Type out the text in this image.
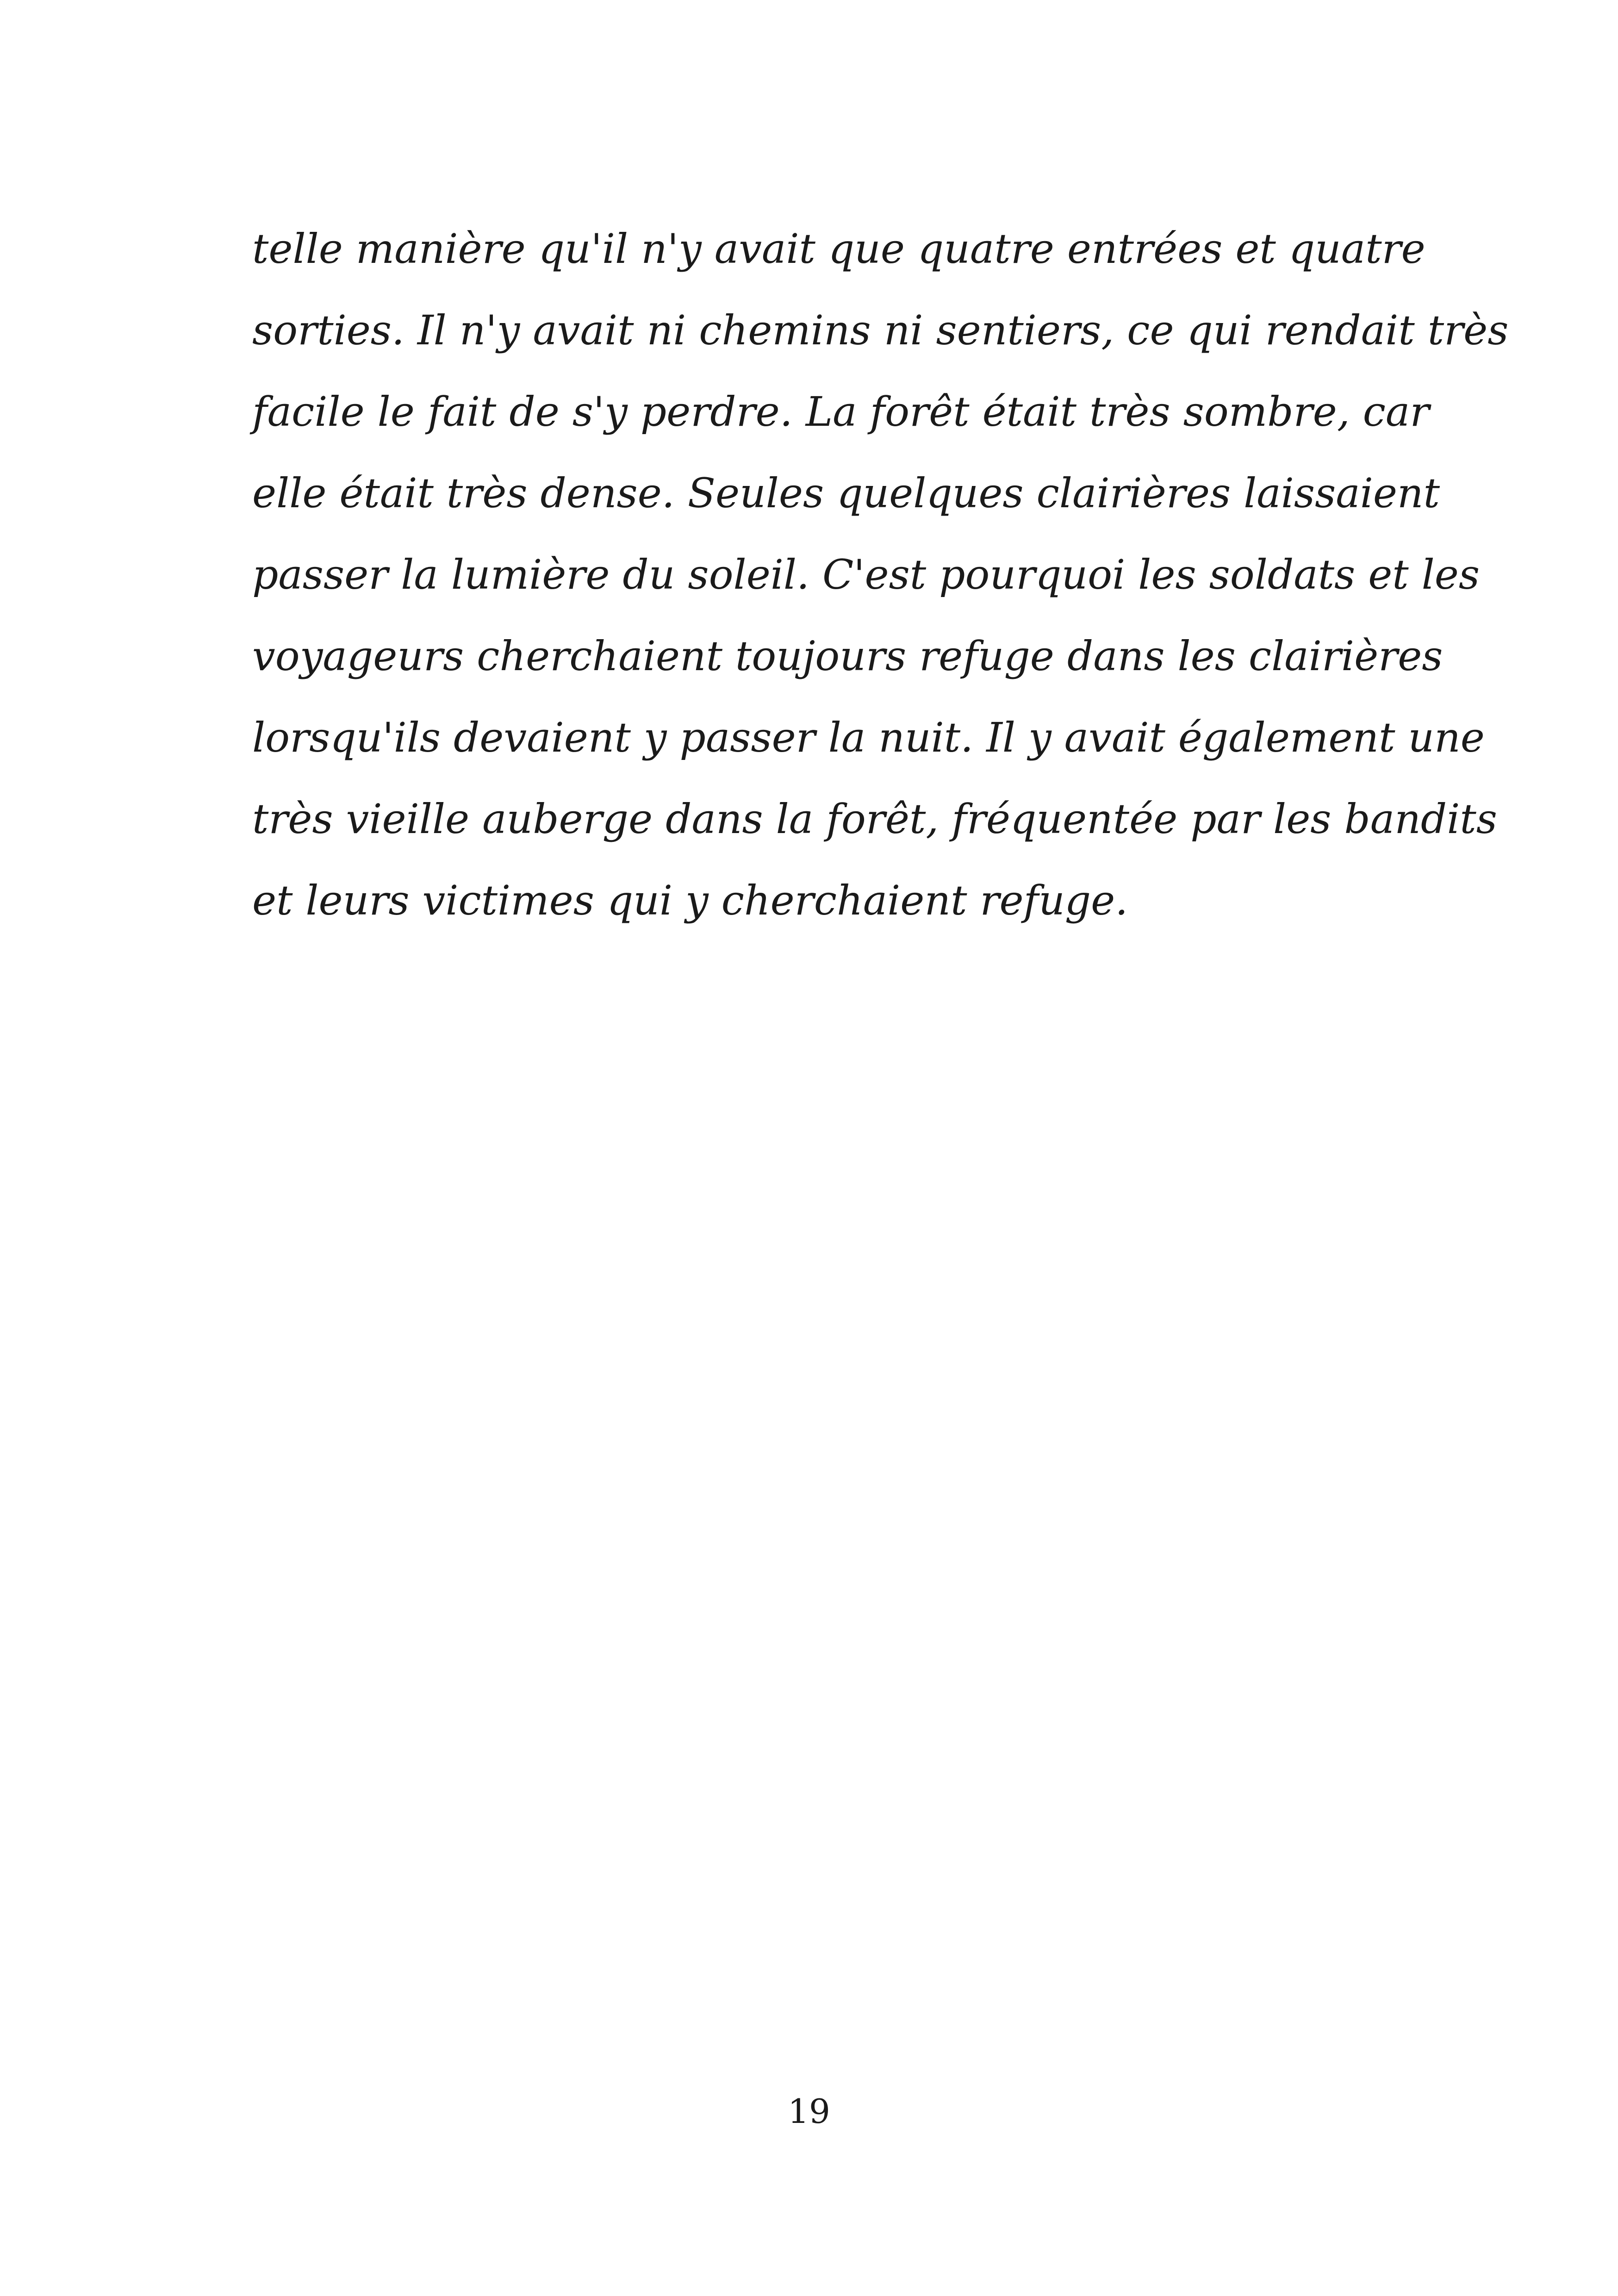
telle manière qu'il n'y avait que quatre entrées et quatre
sorties. Il n'y avait ni chemins ni sentiers, ce qui rendait très
facile le fait de s'y perdre. La forêt était très sombre, car
elle était très dense. Seules quelques clairières laissaient
passer la lumière du soleil. C'est pourquoi les soldats et les
voyageurs cherchaient toujours refuge dans les clairières
lorsqu'ils devaient y passer la nuit. Il y avait également une
très vieille auberge dans la forêt, fréquentée par les bandits
et leurs victimes qui y cherchaient refuge.
19
